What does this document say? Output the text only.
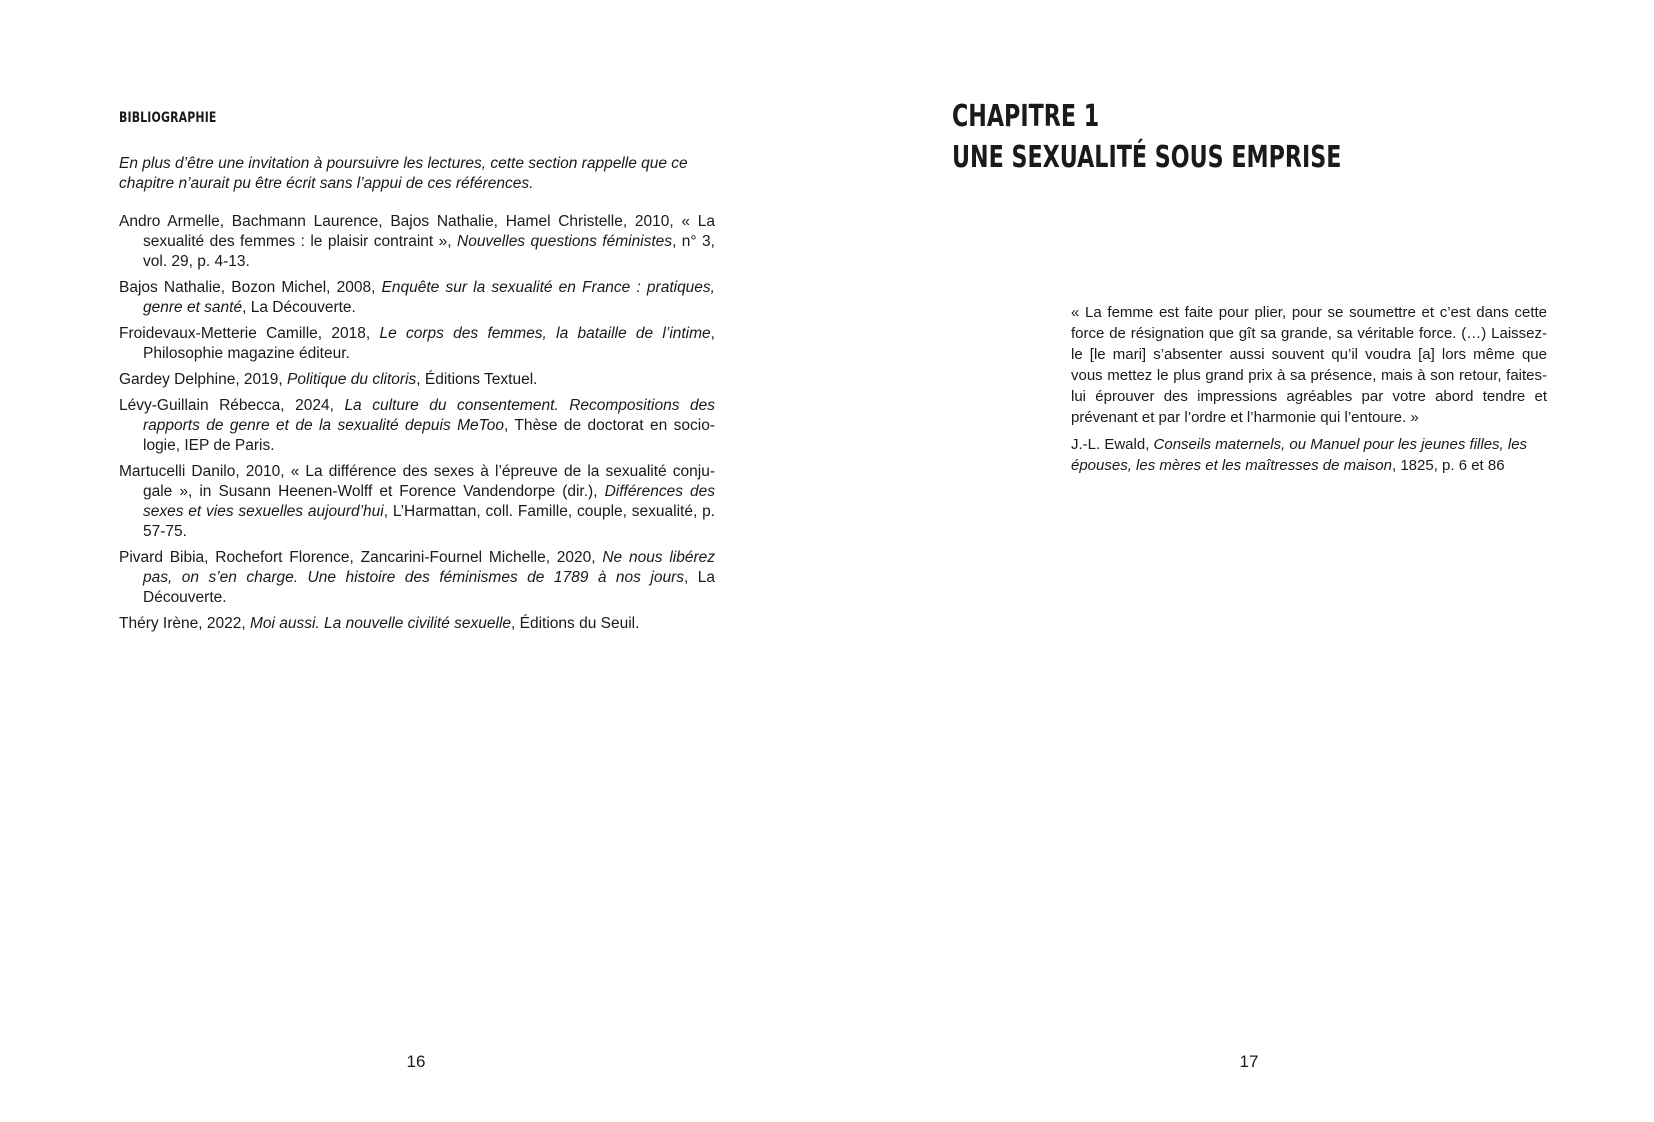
BIBLIOGRAPHIE

En plus d’être une invitation à poursuivre les lectures, cette section rappelle que ce chapitre n’aurait pu être écrit sans l’appui de ces références.

Andro Armelle, Bachmann Laurence, Bajos Nathalie, Hamel Christelle, 2010, « La sexualité des femmes : le plaisir contraint », Nouvelles questions féministes, n° 3, vol. 29, p. 4-13.
Bajos Nathalie, Bozon Michel, 2008, Enquête sur la sexualité en France : pratiques, genre et santé, La Découverte.
Froidevaux-Metterie Camille, 2018, Le corps des femmes, la bataille de l’intime, Philosophie magazine éditeur.
Gardey Delphine, 2019, Politique du clitoris, Éditions Textuel.
Lévy-Guillain Rébecca, 2024, La culture du consentement. Recompositions des rapports de genre et de la sexualité depuis MeToo, Thèse de doctorat en sociologie, IEP de Paris.
Martucelli Danilo, 2010, « La différence des sexes à l’épreuve de la sexualité conjugale », in Susann Heenen-Wolff et Forence Vandendorpe (dir.), Différences des sexes et vies sexuelles aujourd’hui, L’Harmattan, coll. Famille, couple, sexualité, p. 57-75.
Pivard Bibia, Rochefort Florence, Zancarini-Fournel Michelle, 2020, Ne nous libérez pas, on s’en charge. Une histoire des féminismes de 1789 à nos jours, La Découverte.
Théry Irène, 2022, Moi aussi. La nouvelle civilité sexuelle, Éditions du Seuil.

16

CHAPITRE 1
UNE SEXUALITÉ SOUS EMPRISE

« La femme est faite pour plier, pour se soumettre et c’est dans cette force de résignation que gît sa grande, sa véritable force. (…) Laissez-le [le mari] s’absenter aussi souvent qu’il voudra [a] lors même que vous mettez le plus grand prix à sa présence, mais à son retour, faites-lui éprouver des impressions agréables par votre abord tendre et prévenant et par l’ordre et l’harmonie qui l’entoure. »

J.-L. Ewald, Conseils maternels, ou Manuel pour les jeunes filles, les épouses, les mères et les maîtresses de maison, 1825, p. 6 et 86

17
